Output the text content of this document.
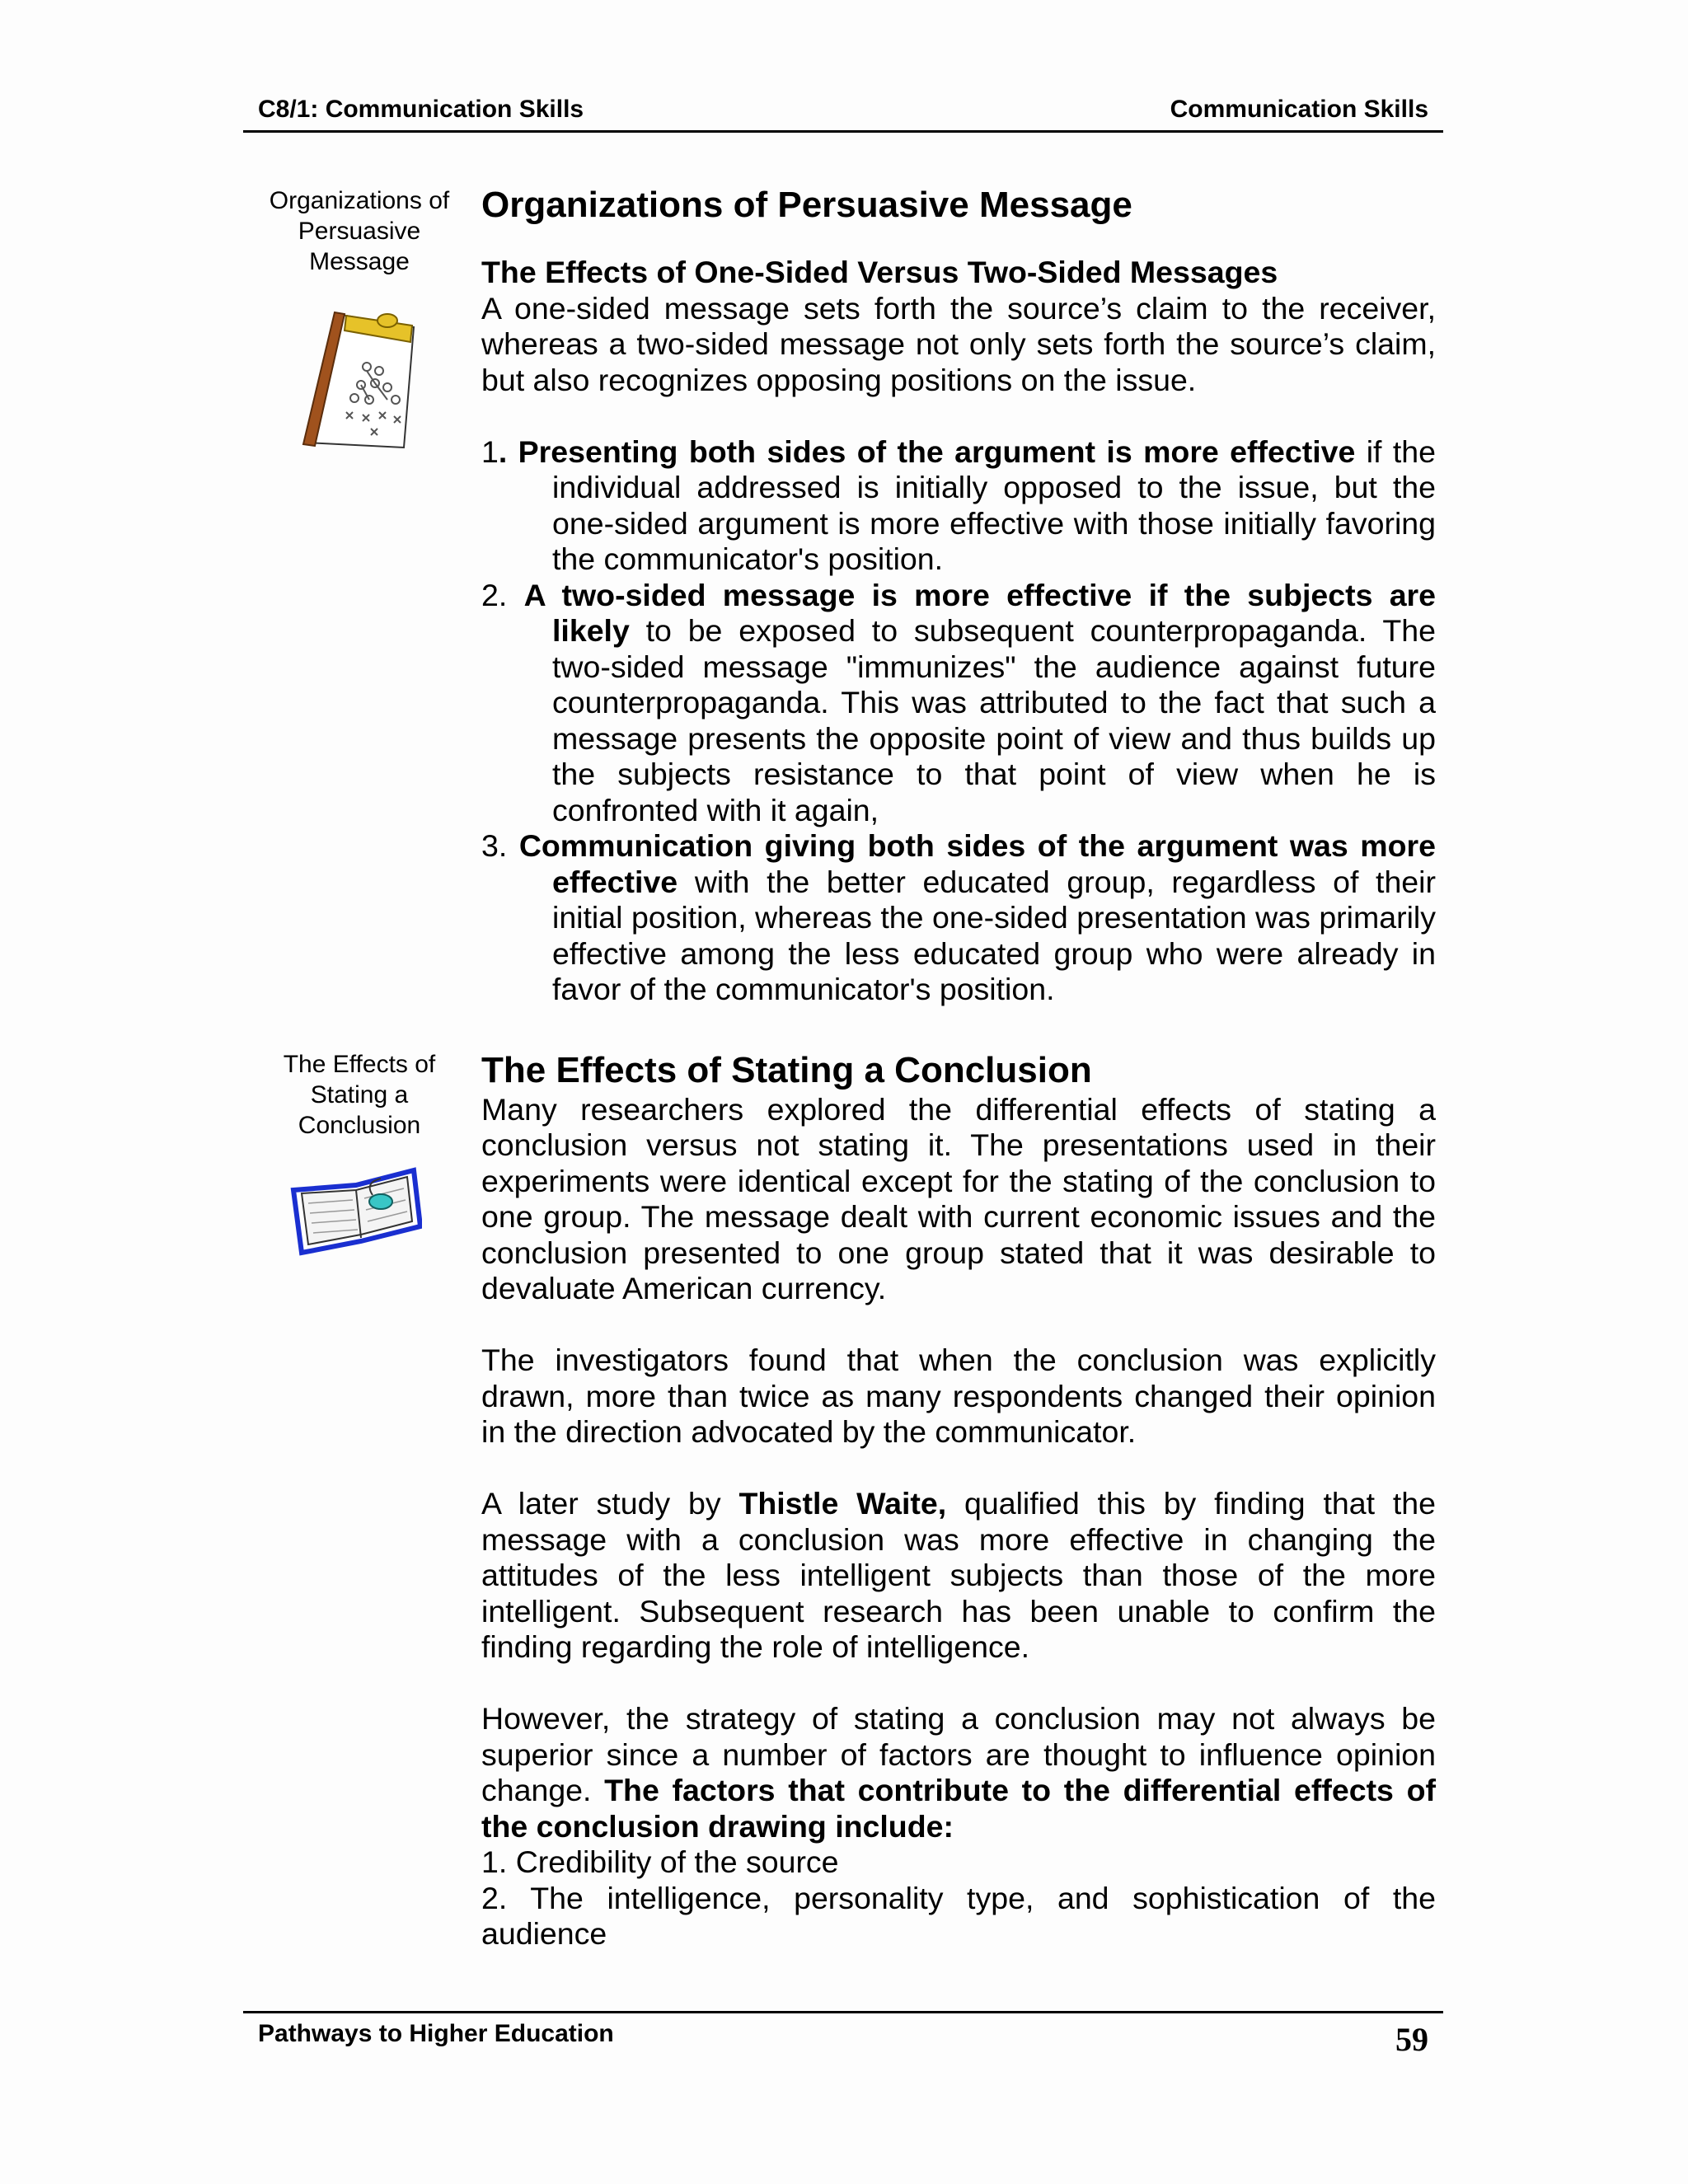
C8/1: Communication Skills	Communication Skills
Organizations of Persuasive Message
The Effects of Stating a Conclusion
Organizations of Persuasive Message

The Effects of One-Sided Versus Two-Sided Messages

A one-sided message sets forth the source’s claim to the receiver, whereas a two-sided message not only sets forth the source’s claim, but also recognizes opposing positions on the issue.

1. Presenting both sides of the argument is more effective if the individual addressed is initially opposed to the issue, but the one-sided argument is more effective with those initially favoring the communicator's position.

2. A two-sided message is more effective if the subjects are likely to be exposed to subsequent counterpropaganda. The two-sided message "immunizes" the audience against future counterpropaganda. This was attributed to the fact that such a message presents the opposite point of view and thus builds up the subjects resistance to that point of view when he is confronted with it again,

3. Communication giving both sides of the argument was more effective with the better educated group, regardless of their initial position, whereas the one-sided presentation was primarily effective among the less educated group who were already in favor of the communicator's position.

The Effects of Stating a Conclusion

Many researchers explored the differential effects of stating a conclusion versus not stating it. The presentations used in their experiments were identical except for the stating of the conclusion to one group. The message dealt with current economic issues and the conclusion presented to one group stated that it was desirable to devaluate American currency.

The investigators found that when the conclusion was explicitly drawn, more than twice as many respondents changed their opinion in the direction advocated by the communicator.

A later study by Thistle Waite, qualified this by finding that the message with a conclusion was more effective in changing the attitudes of the less intelligent subjects than those of the more intelligent. Subsequent research has been unable to confirm the finding regarding the role of intelligence.

However, the strategy of stating a conclusion may not always be superior since a number of factors are thought to influence opinion change. The factors that contribute to the differential effects of the conclusion drawing include:

1. Credibility of the source

2. The intelligence, personality type, and sophistication of the audience

Pathways to Higher Education	59
